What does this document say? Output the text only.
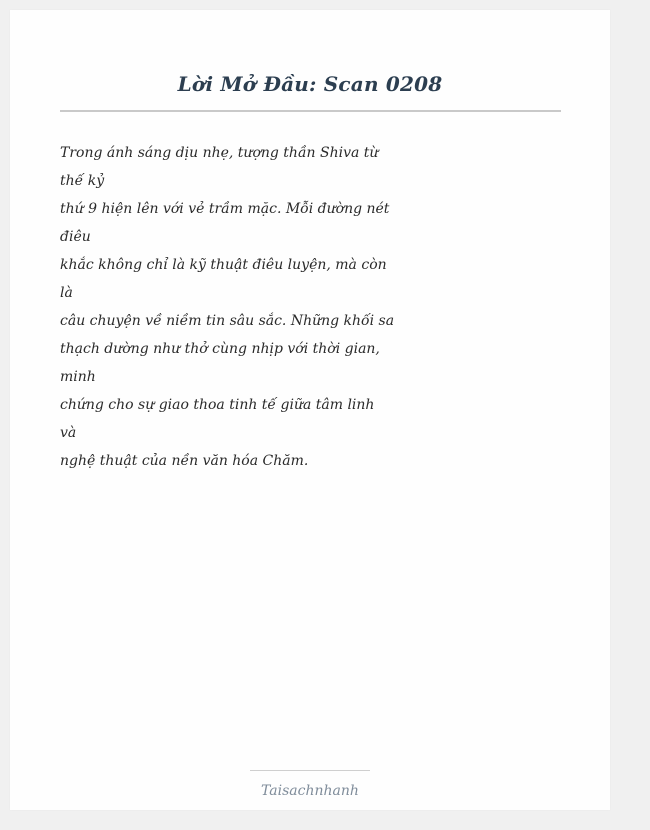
Lời Mở Đầu: Scan 0208
Trong ánh sáng dịu nhẹ, tượng thần Shiva từ
thế kỷ
thứ 9 hiện lên với vẻ trầm mặc. Mỗi đường nét
điêu
khắc không chỉ là kỹ thuật điêu luyện, mà còn
là
câu chuyện về niềm tin sâu sắc. Những khối sa
thạch dường như thở cùng nhịp với thời gian,
minh
chứng cho sự giao thoa tinh tế giữa tâm linh
và
nghệ thuật của nền văn hóa Chăm.
Taisachnhanh
